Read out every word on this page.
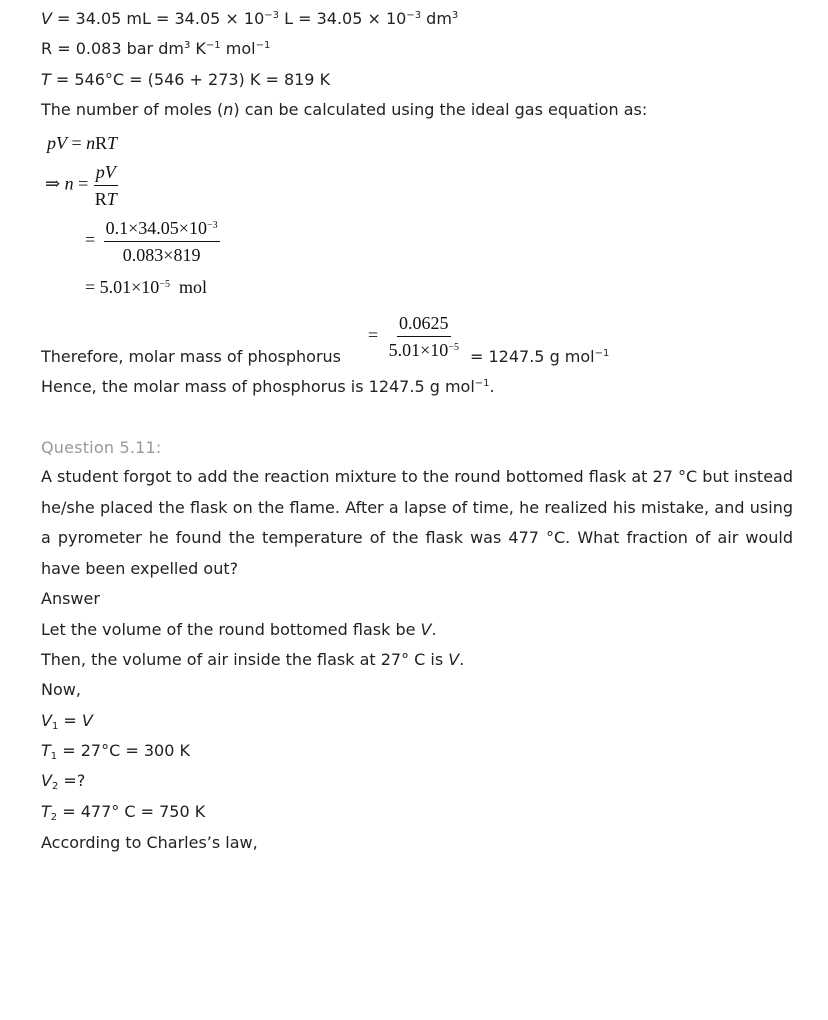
V = 34.05 mL = $34.05 \times 10^{-3}$ $L = 34.05 \times 10^{-3}$ $dm^3$
R = 0.083 bar $dm^3$ $K^{-1}$ mol$^{-1}$
T = 546°C = (546 + 273) K = 819 K
The number of moles (n) can be calculated using the ideal gas equation as:
pV = nRT
⇒ $n = \frac{pV}{RT}$
= $\frac{0.1\times 34.05\times 10^{-3}}{0.083\times 819}$
= $5.01\times 10^{-5}$  mol
Therefore, molar mass of phosphorus
= $\frac{0.0625}{5.01\times 10^{-5}} = 1247.5$ g mol$^{-1}$
Hence, the molar mass of phosphorus is 1247.5 g mol$^{-1}$.
Question 5.11:
A student forgot to add the reaction mixture to the round bottomed flask at 27 °C but instead he/she placed the flask on the flame. After a lapse of time, he realized his mistake, and using a pyrometer he found the temperature of the flask was 477 °C. What fraction of air would have been expelled out?
Answer
Let the volume of the round bottomed flask be V.
Then, the volume of air inside the flask at 27° C is V.
Now,
$V_1 = V$
$T_1 = 27^\circ C = 300$ K
$V_2$ =?
$T_2 = 477^\circ$ C = 750 K
According to Charles’s law,
